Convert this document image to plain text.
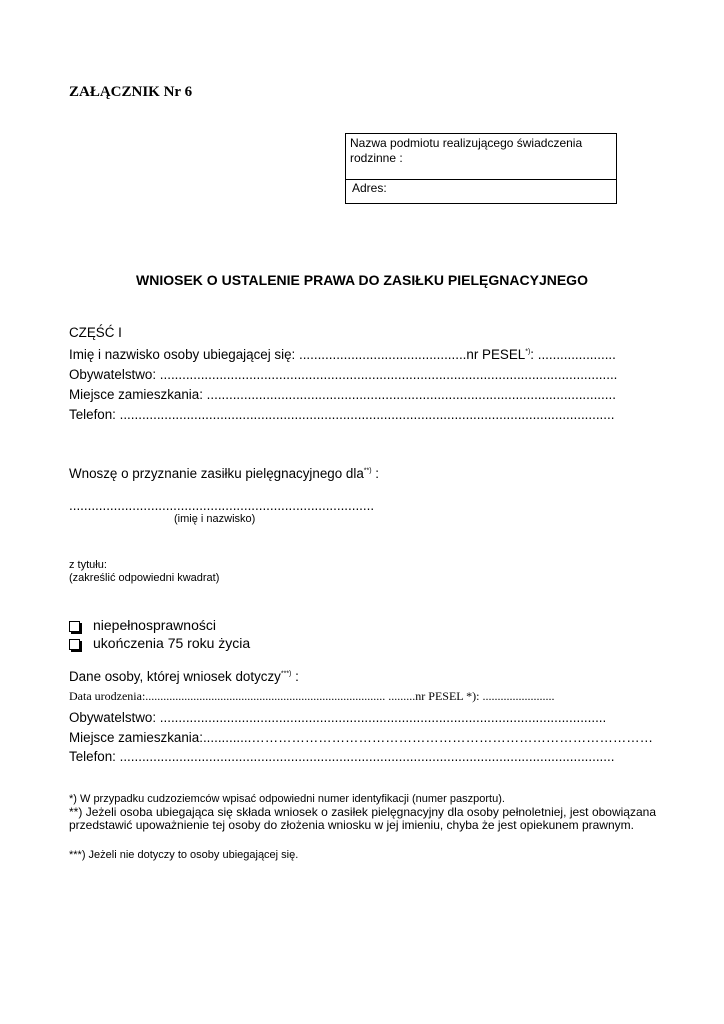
ZAŁĄCZNIK Nr 6
Nazwa podmiotu realizującego świadczenia rodzinne :
Adres:
WNIOSEK O USTALENIE PRAWA DO ZASIŁKU PIELĘGNACYJNEGO
CZĘŚĆ I
Imię i nazwisko osoby ubiegającej się: .............................................nr PESEL*): .....................
Obywatelstwo: ...........................................................................................................................
Miejsce zamieszkania: ..............................................................................................................
Telefon: .....................................................................................................................................
Wnoszę o przyznanie zasiłku pielęgnacyjnego dla**) :
..................................................................................
(imię i nazwisko)
z tytułu:
(zakreślić odpowiedni kwadrat)
niepełnosprawności
ukończenia 75 roku życia
Dane osoby, której wniosek dotyczy***) :
Data urodzenia:................................................................................ .........nr PESEL *): ........................
Obywatelstwo: ........................................................................................................................
Miejsce zamieszkania:.............………………………………………………………………………………
Telefon: .....................................................................................................................................
*) W przypadku cudzoziemców wpisać odpowiedni numer identyfikacji (numer paszportu).
**) Jeżeli osoba ubiegająca się składa wniosek o zasiłek pielęgnacyjny dla osoby pełnoletniej, jest obowiązana przedstawić upoważnienie tej osoby do złożenia wniosku w jej imieniu, chyba że jest opiekunem prawnym.
***) Jeżeli nie dotyczy to osoby ubiegającej się.
